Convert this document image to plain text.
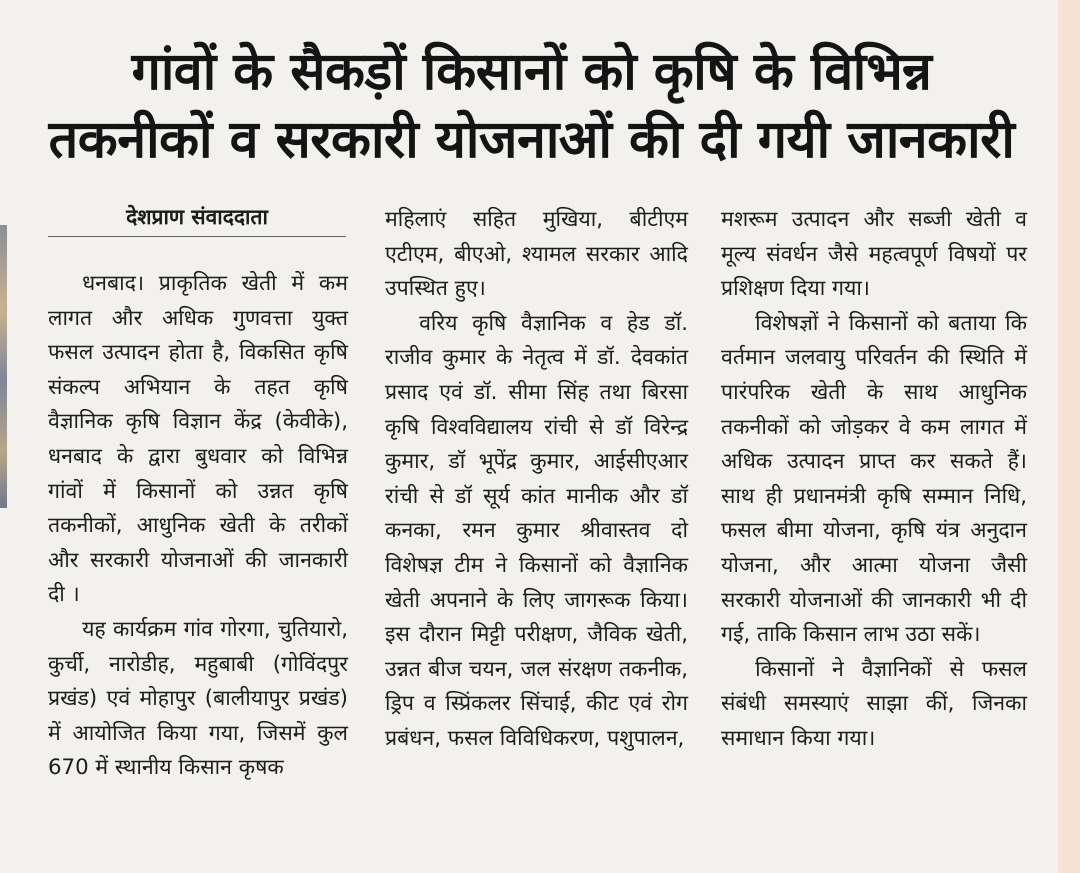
गांवों के सैकड़ों किसानों को कृषि के विभिन्न
तकनीकों व सरकारी योजनाओं की दी गयी जानकारी
देशप्राण संवाददाता

धनबाद। प्राकृतिक खेती में कम लागत और अधिक गुणवत्ता युक्त फसल उत्पादन होता है, विकसित कृषि संकल्प अभियान के तहत कृषि वैज्ञानिक कृषि विज्ञान केंद्र (केवीके), धनबाद के द्वारा बुधवार को विभिन्न गांवों में किसानों को उन्नत कृषि तकनीकों, आधुनिक खेती के तरीकों और सरकारी योजनाओं की जानकारी दी ।

यह कार्यक्रम गांव गोरगा, चुतियारो, कुर्ची, नारोडीह, महुबाबी (गोविंदपुर प्रखंड) एवं मोहापुर (बालीयापुर प्रखंड) में आयोजित किया गया, जिसमें कुल 670 में स्थानीय किसान कृषक

महिलाएं सहित मुखिया, बीटीएम एटीएम, बीएओ, श्यामल सरकार आदि उपस्थित हुए।

वरिय कृषि वैज्ञानिक व हेड डॉ. राजीव कुमार के नेतृत्व में डॉ. देवकांत प्रसाद एवं डॉ. सीमा सिंह तथा बिरसा कृषि विश्वविद्यालय रांची से डॉ विरेन्द्र कुमार, डॉ भूपेंद्र कुमार, आईसीएआर रांची से डॉ सूर्य कांत मानीक और डॉ कनका, रमन कुमार श्रीवास्तव दो विशेषज्ञ टीम ने किसानों को वैज्ञानिक खेती अपनाने के लिए जागरूक किया। इस दौरान मिट्टी परीक्षण, जैविक खेती, उन्नत बीज चयन, जल संरक्षण तकनीक, ड्रिप व स्प्रिंकलर सिंचाई, कीट एवं रोग प्रबंधन, फसल विविधिकरण, पशुपालन,

मशरूम उत्पादन और सब्जी खेती व मूल्य संवर्धन जैसे महत्वपूर्ण विषयों पर प्रशिक्षण दिया गया।

विशेषज्ञों ने किसानों को बताया कि वर्तमान जलवायु परिवर्तन की स्थिति में पारंपरिक खेती के साथ आधुनिक तकनीकों को जोड़कर वे कम लागत में अधिक उत्पादन प्राप्त कर सकते हैं। साथ ही प्रधानमंत्री कृषि सम्मान निधि, फसल बीमा योजना, कृषि यंत्र अनुदान योजना, और आत्मा योजना जैसी सरकारी योजनाओं की जानकारी भी दी गई, ताकि किसान लाभ उठा सकें।

किसानों ने वैज्ञानिकों से फसल संबंधी समस्याएं साझा कीं, जिनका समाधान किया गया।
